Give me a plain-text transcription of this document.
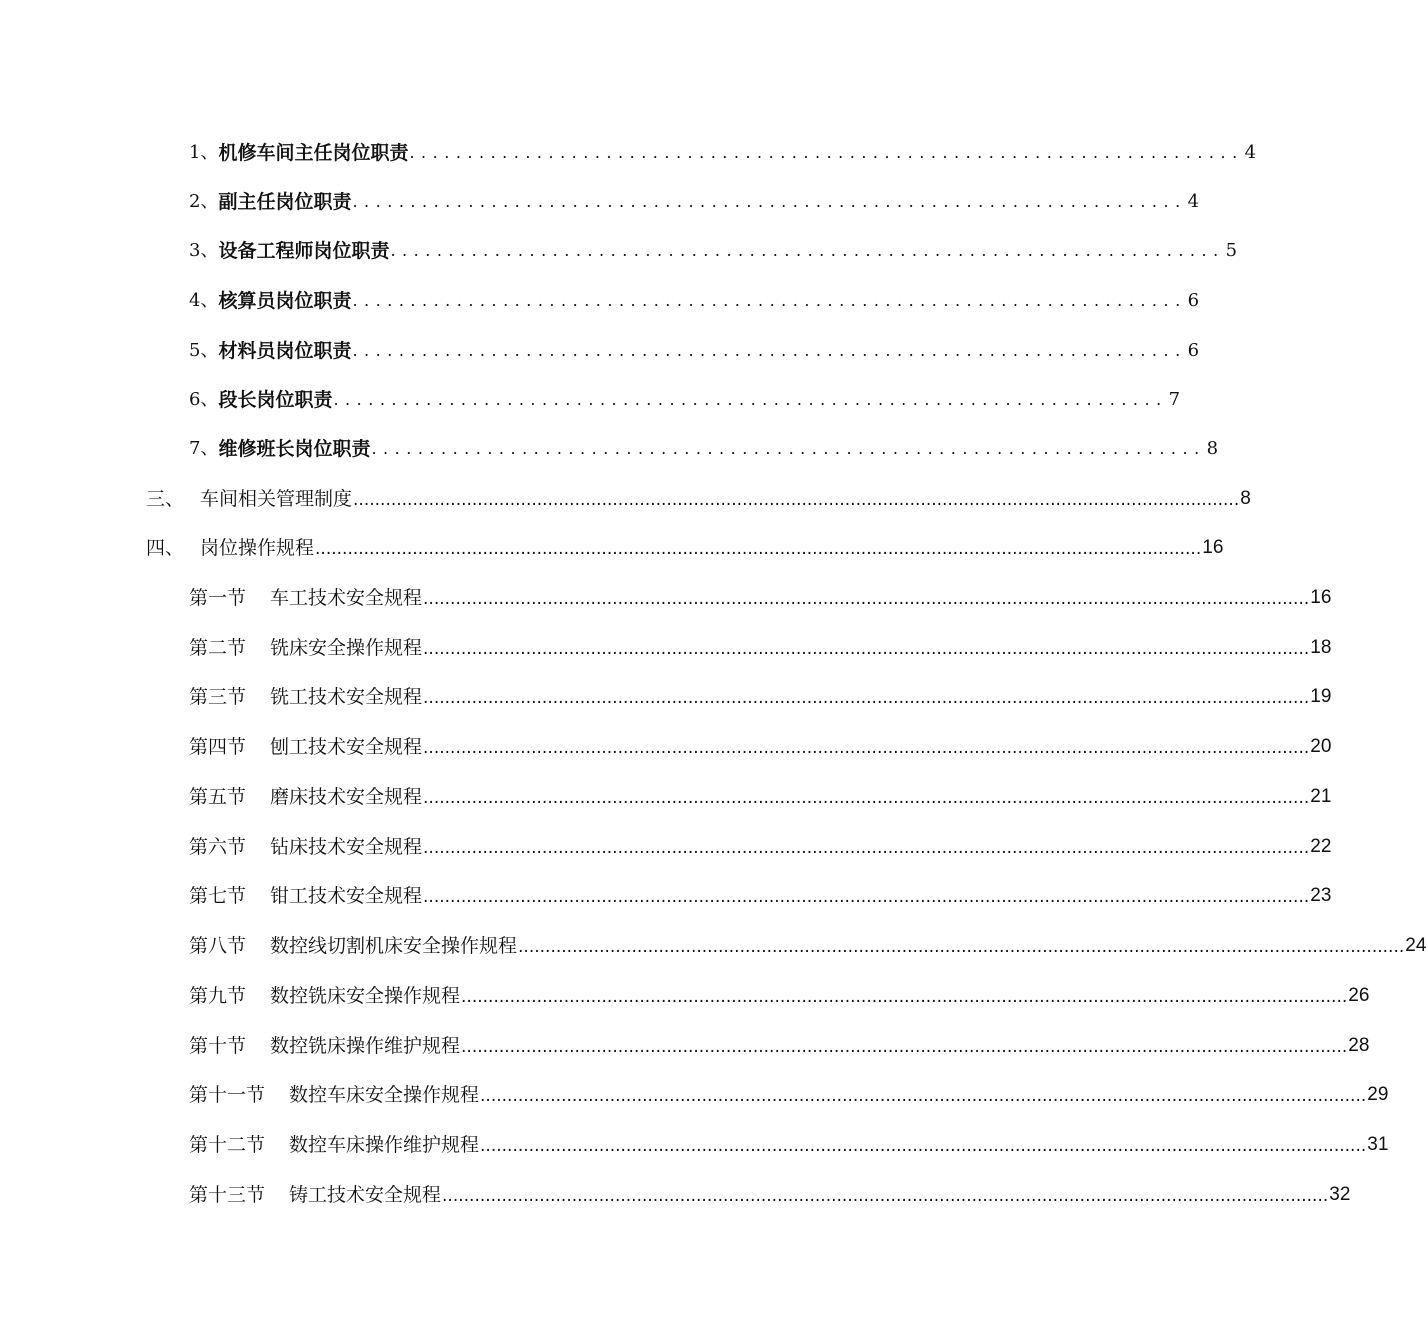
1、 机修车间主任岗位职责 ........................................................................ 4
2、 副主任岗位职责 ........................................................................ 4
3、 设备工程师岗位职责 ........................................................................ 5
4、 核算员岗位职责 ........................................................................ 6
5、 材料员岗位职责 ........................................................................ 6
6、 段长岗位职责 ........................................................................ 7
7、 维修班长岗位职责 ........................................................................ 8
三、 车间相关管理制度 .................................................................................................................................................................... 8
四、 岗位操作规程 .................................................................................................................................................................... 16
第一节 车工技术安全规程 .................................................................................................................................................................... 16
第二节 铣床安全操作规程 .................................................................................................................................................................... 18
第三节 铣工技术安全规程 .................................................................................................................................................................... 19
第四节 刨工技术安全规程 .................................................................................................................................................................... 20
第五节 磨床技术安全规程 .................................................................................................................................................................... 21
第六节 钻床技术安全规程 .................................................................................................................................................................... 22
第七节 钳工技术安全规程 .................................................................................................................................................................... 23
第八节 数控线切割机床安全操作规程 .................................................................................................................................................................... 24
第九节 数控铣床安全操作规程 .................................................................................................................................................................... 26
第十节 数控铣床操作维护规程 .................................................................................................................................................................... 28
第十一节 数控车床安全操作规程 .................................................................................................................................................................... 29
第十二节 数控车床操作维护规程 .................................................................................................................................................................... 31
第十三节 铸工技术安全规程 .................................................................................................................................................................... 32
